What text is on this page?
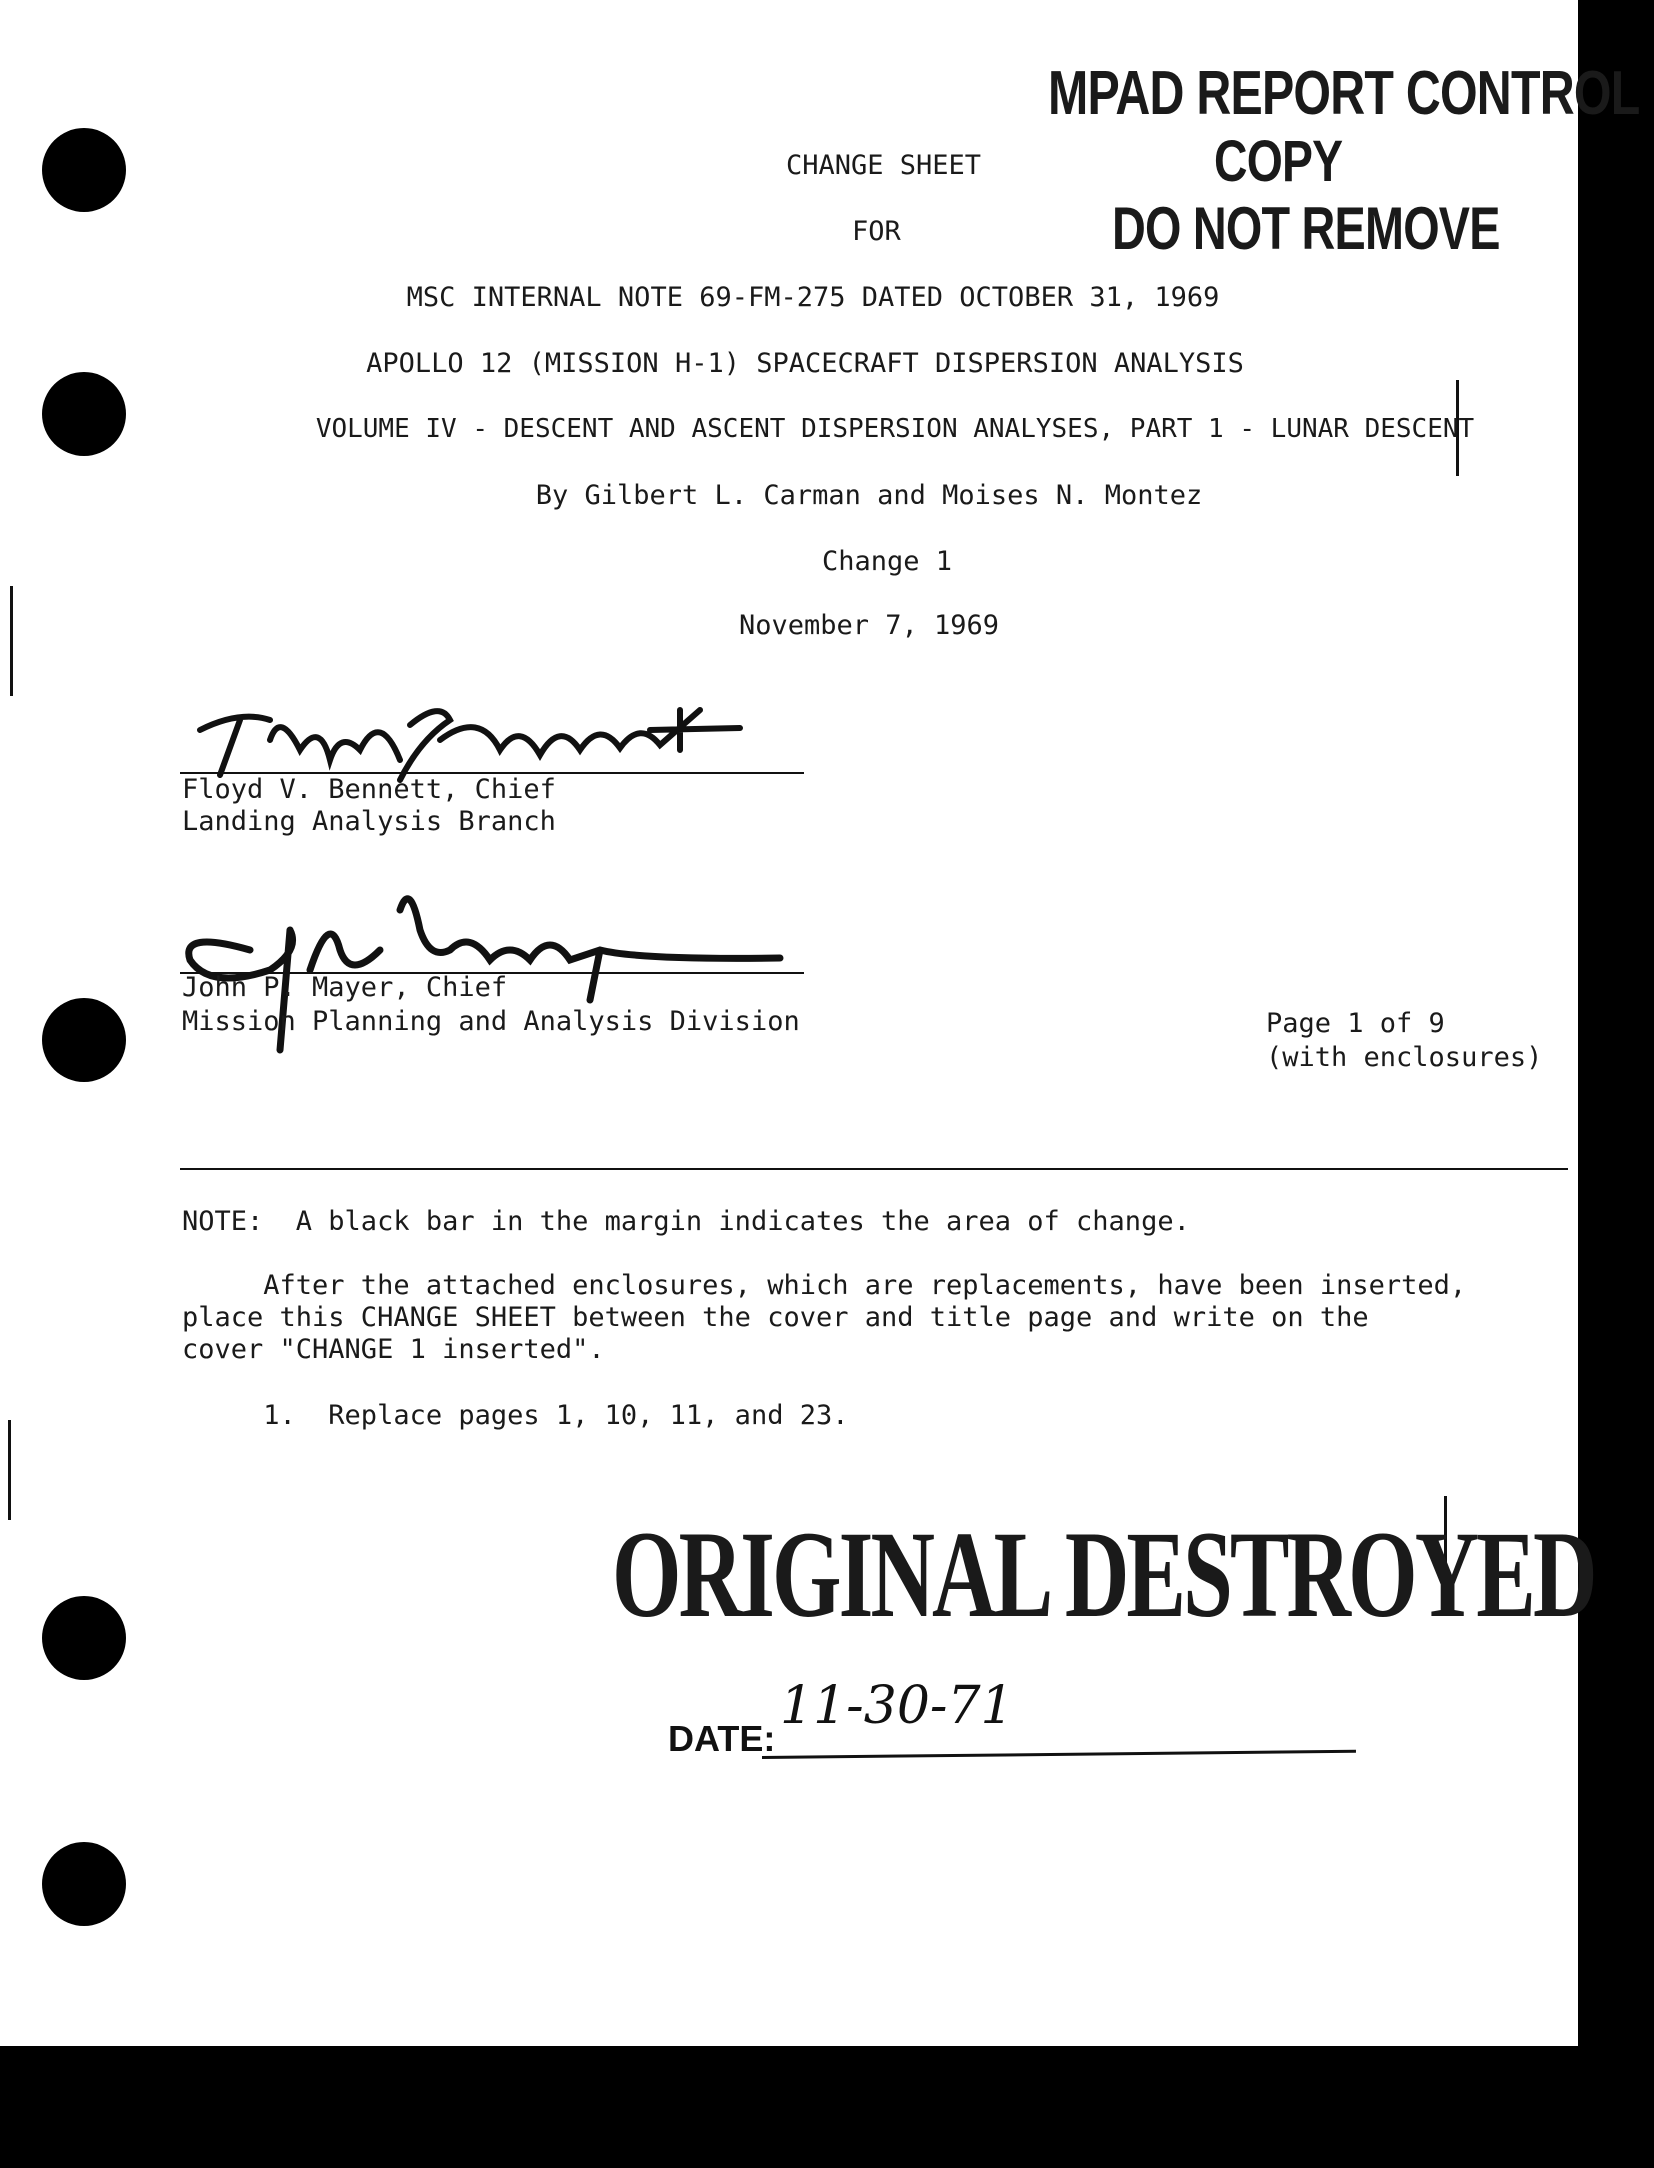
MPAD REPORT CONTROL
COPY
DO NOT REMOVE
CHANGE SHEET
FOR
MSC INTERNAL NOTE 69-FM-275 DATED OCTOBER 31, 1969
APOLLO 12 (MISSION H-1) SPACECRAFT DISPERSION ANALYSIS
VOLUME IV - DESCENT AND ASCENT DISPERSION ANALYSES, PART 1 - LUNAR DESCENT
By Gilbert L. Carman and Moises N. Montez
Change 1
November 7, 1969
Floyd V. Bennett, Chief
Landing Analysis Branch
John P. Mayer, Chief
Mission Planning and Analysis Division	Page 1 of 9
(with enclosures)
NOTE:  A black bar in the margin indicates the area of change.
After the attached enclosures, which are replacements, have been inserted,
place this CHANGE SHEET between the cover and title page and write on the
cover "CHANGE 1 inserted".
1.  Replace pages 1, 10, 11, and 23.
ORIGINAL DESTROYED
DATE:
11-30-71
